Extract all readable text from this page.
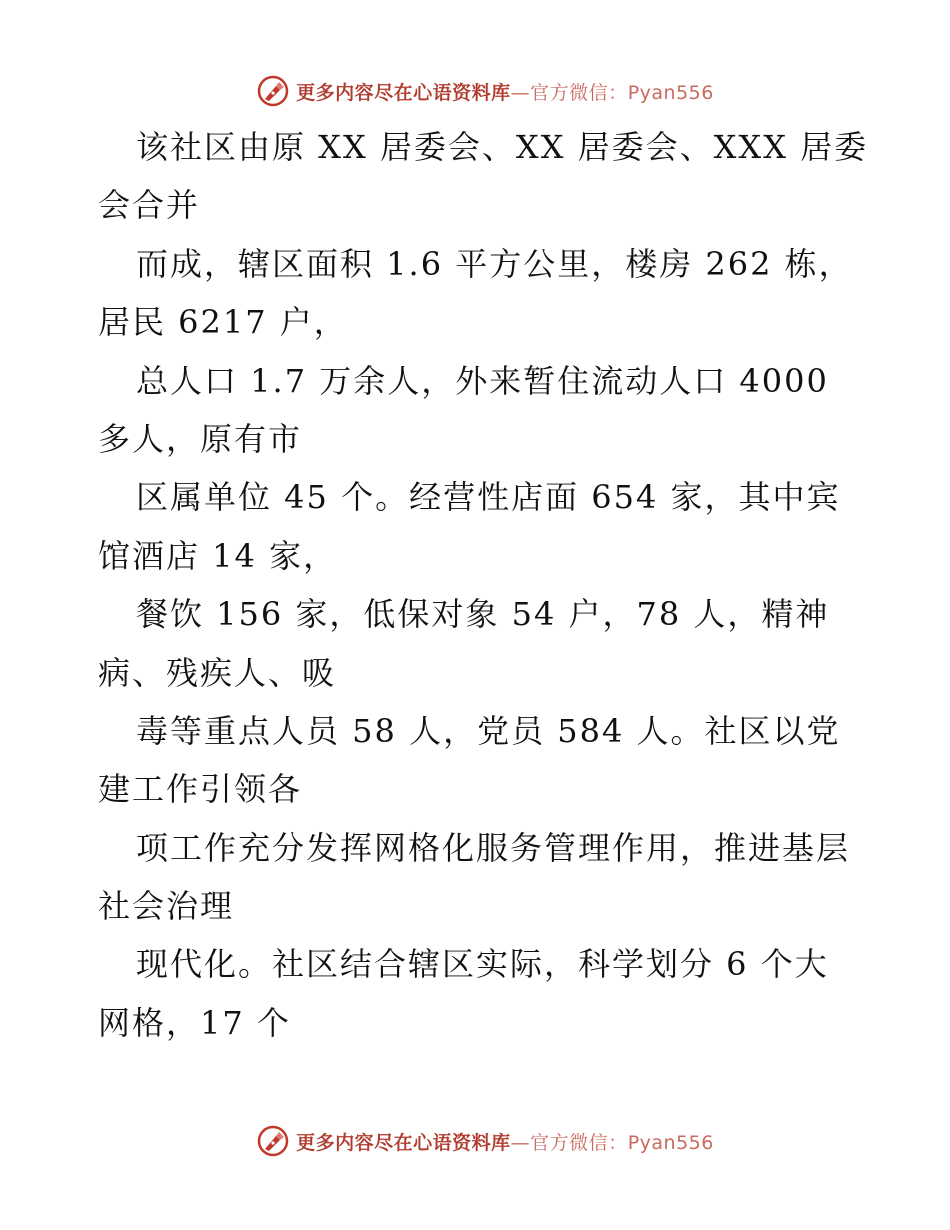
更多内容尽在心语资料库—官方微信：Pyan556
该社区由原 XX 居委会、XX 居委会、XXX 居委
会合并
而成，辖区面积 1.6 平方公里，楼房 262 栋，
居民 6217 户，
总人口 1.7 万余人，外来暂住流动人口 4000
多人，原有市
区属单位 45 个。经营性店面 654 家，其中宾
馆酒店 14 家，
餐饮 156 家，低保对象 54 户，78 人，精神
病、残疾人、吸
毒等重点人员 58 人，党员 584 人。社区以党
建工作引领各
项工作充分发挥网格化服务管理作用，推进基层
社会治理
现代化。社区结合辖区实际，科学划分 6 个大
网格，17 个
更多内容尽在心语资料库—官方微信：Pyan556
